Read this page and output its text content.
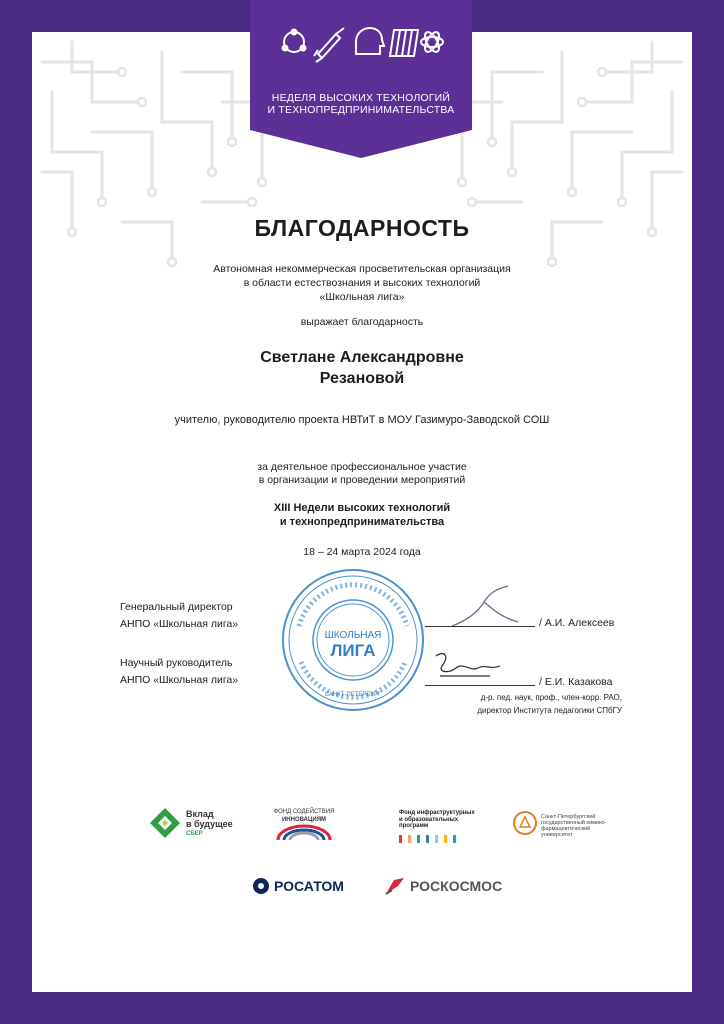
НЕДЕЛЯ ВЫСОКИХ ТЕХНОЛОГИЙ
И ТЕХНОПРЕДПРИНИМАТЕЛЬСТВА
БЛАГОДАРНОСТЬ
Автономная некоммерческая просветительская организация
в области естествознания и высоких технологий
«Школьная лига»
выражает благодарность
Светлане Александровне
Резановой
учителю, руководителю проекта НВТиТ в МОУ Газимуро-Заводской СОШ
за деятельное профессиональное участие
в организации и проведении мероприятий
XIII Недели высоких технологий
и технопредпринимательства
18 – 24 марта 2024 года
ШКОЛЬНАЯ
ЛИГА
САНКТ-ПЕТЕРБУРГ
Генеральный директор
АНПО «Школьная лига»	/ А.И. Алексеев
Научный руководитель
АНПО «Школьная лига»	/ Е.И. Казакова
д-р. пед. наук, проф., член-корр. РАО,
директор Института педагогики СПбГУ
Вклад
в будущее
СБЕР
ФОНД СОДЕЙСТВИЯ
ИННОВАЦИЯМ
Фонд инфраструктурных
и образовательных
программ
Санкт-Петербургский
государственный химико-
фармацевтический университет
РОСАТОМ	РОСКОСМОС
